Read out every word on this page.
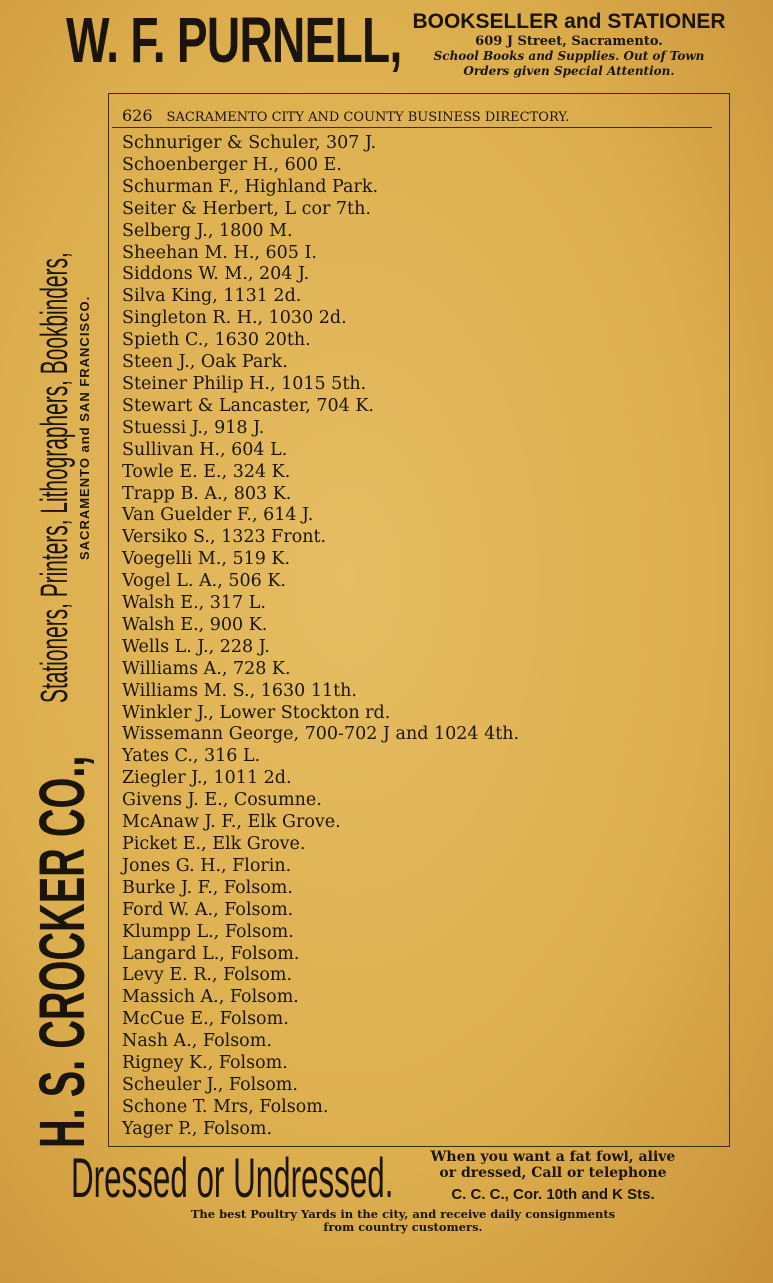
W. F. PURNELL, BOOKSELLER and STATIONER
609 J Street, Sacramento.
School Books and Supplies. Out of Town
Orders given Special Attention.
H. S. CROCKER CO.,
Stationers, Printers, Lithographers, Bookbinders, SACRAMENTO and SAN FRANCISCO.
626 SACRAMENTO CITY AND COUNTY BUSINESS DIRECTORY.
Schnuriger & Schuler, 307 J.
Schoenberger H., 600 E.
Schurman F., Highland Park.
Seiter & Herbert, L cor 7th.
Selberg J., 1800 M.
Sheehan M. H., 605 I.
Siddons W. M., 204 J.
Silva King, 1131 2d.
Singleton R. H., 1030 2d.
Spieth C., 1630 20th.
Steen J., Oak Park.
Steiner Philip H., 1015 5th.
Stewart & Lancaster, 704 K.
Stuessi J., 918 J.
Sullivan H., 604 L.
Towle E. E., 324 K.
Trapp B. A., 803 K.
Van Guelder F., 614 J.
Versiko S., 1323 Front.
Voegelli M., 519 K.
Vogel L. A., 506 K.
Walsh E., 317 L.
Walsh E., 900 K.
Wells L. J., 228 J.
Williams A., 728 K.
Williams M. S., 1630 11th.
Winkler J., Lower Stockton rd.
Wissemann George, 700-702 J and 1024 4th.
Yates C., 316 L.
Ziegler J., 1011 2d.
Givens J. E., Cosumne.
McAnaw J. F., Elk Grove.
Picket E., Elk Grove.
Jones G. H., Florin.
Burke J. F., Folsom.
Ford W. A., Folsom.
Klumpp L., Folsom.
Langard L., Folsom.
Levy E. R., Folsom.
Massich A., Folsom.
McCue E., Folsom.
Nash A., Folsom.
Rigney K., Folsom.
Scheuler J., Folsom.
Schone T. Mrs, Folsom.
Yager P., Folsom.
Dressed or Undressed.	When you want a fat fowl, alive
or dressed, Call or telephone
C. C. C., Cor. 10th and K Sts.
The best Poultry Yards in the city, and receive daily consignments
from country customers.
